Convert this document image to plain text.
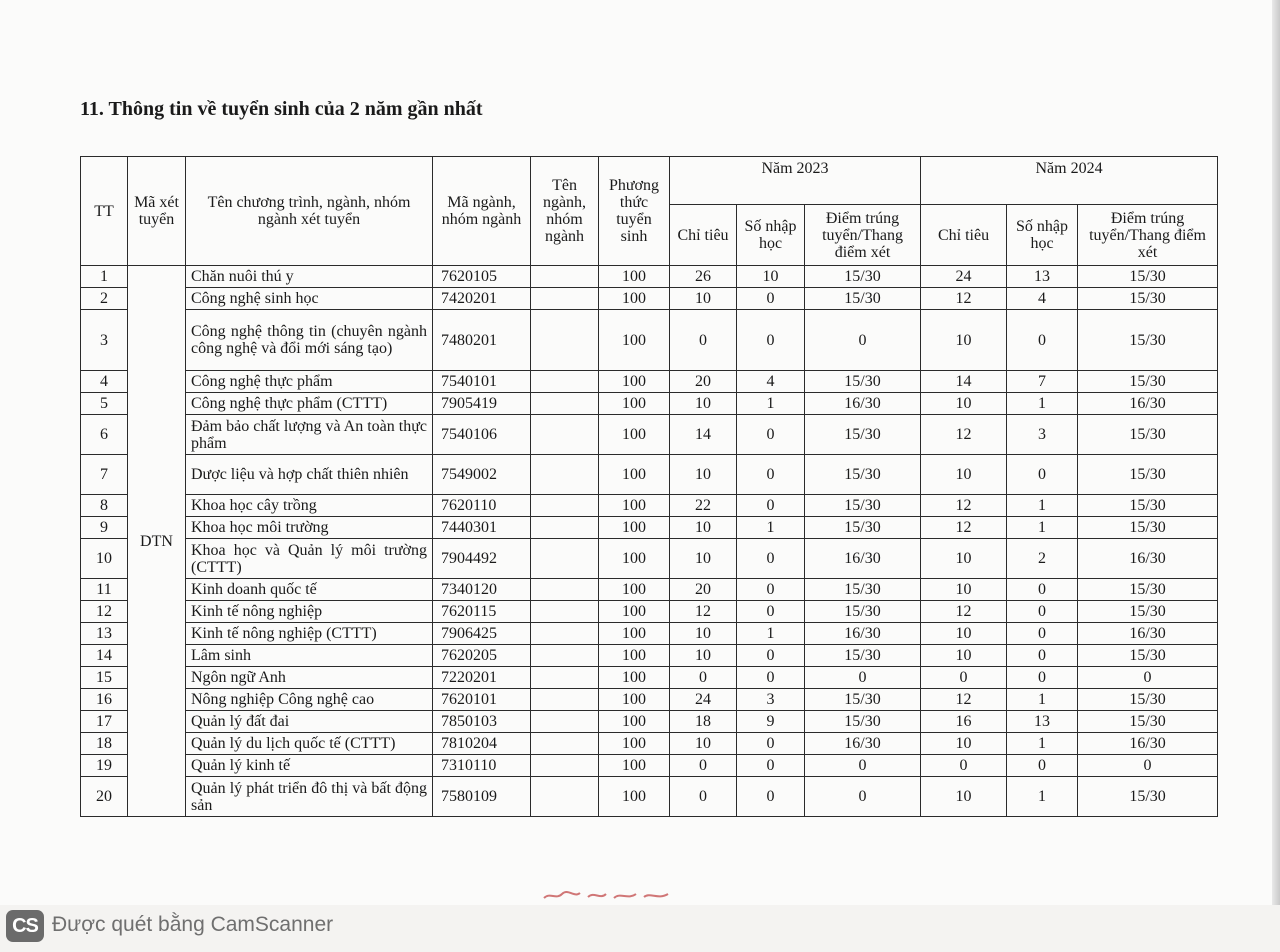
11. Thông tin về tuyển sinh của 2 năm gần nhất
TT	Mã xét tuyển	Tên chương trình, ngành, nhóm ngành xét tuyển	Mã ngành, nhóm ngành	Tên ngành, nhóm ngành	Phương thức tuyển sinh	Năm 2023			Năm 2024		
						Chỉ tiêu	Số nhập học	Điểm trúng tuyển/Thang điểm xét	Chỉ tiêu	Số nhập học	Điểm trúng tuyển/Thang điểm xét
1	DTN	Chăn nuôi thú y	7620105		100	26	10	15/30	24	13	15/30
2		Công nghệ sinh học	7420201		100	10	0	15/30	12	4	15/30
3		Công nghệ thông tin (chuyên ngành công nghệ và đổi mới sáng tạo)	7480201		100	0	0	0	10	0	15/30
4		Công nghệ thực phẩm	7540101		100	20	4	15/30	14	7	15/30
5		Công nghệ thực phẩm (CTTT)	7905419		100	10	1	16/30	10	1	16/30
6		Đảm bảo chất lượng và An toàn thực phẩm	7540106		100	14	0	15/30	12	3	15/30
7		Dược liệu và hợp chất thiên nhiên	7549002		100	10	0	15/30	10	0	15/30
8		Khoa học cây trồng	7620110		100	22	0	15/30	12	1	15/30
9		Khoa học môi trường	7440301		100	10	1	15/30	12	1	15/30
10		Khoa học và Quản lý môi trường (CTTT)	7904492		100	10	0	16/30	10	2	16/30
11		Kinh doanh quốc tế	7340120		100	20	0	15/30	10	0	15/30
12		Kinh tế nông nghiệp	7620115		100	12	0	15/30	12	0	15/30
13		Kinh tế nông nghiệp (CTTT)	7906425		100	10	1	16/30	10	0	16/30
14		Lâm sinh	7620205		100	10	0	15/30	10	0	15/30
15		Ngôn ngữ Anh	7220201		100	0	0	0	0	0	0
16		Nông nghiệp Công nghệ cao	7620101		100	24	3	15/30	12	1	15/30
17		Quản lý đất đai	7850103		100	18	9	15/30	16	13	15/30
18		Quản lý du lịch quốc tế (CTTT)	7810204		100	10	0	16/30	10	1	16/30
19		Quản lý kinh tế	7310110		100	0	0	0	0	0	0
20		Quản lý phát triển đô thị và bất động sản	7580109		100	0	0	0	10	1	15/30
CS Được quét bằng CamScanner
